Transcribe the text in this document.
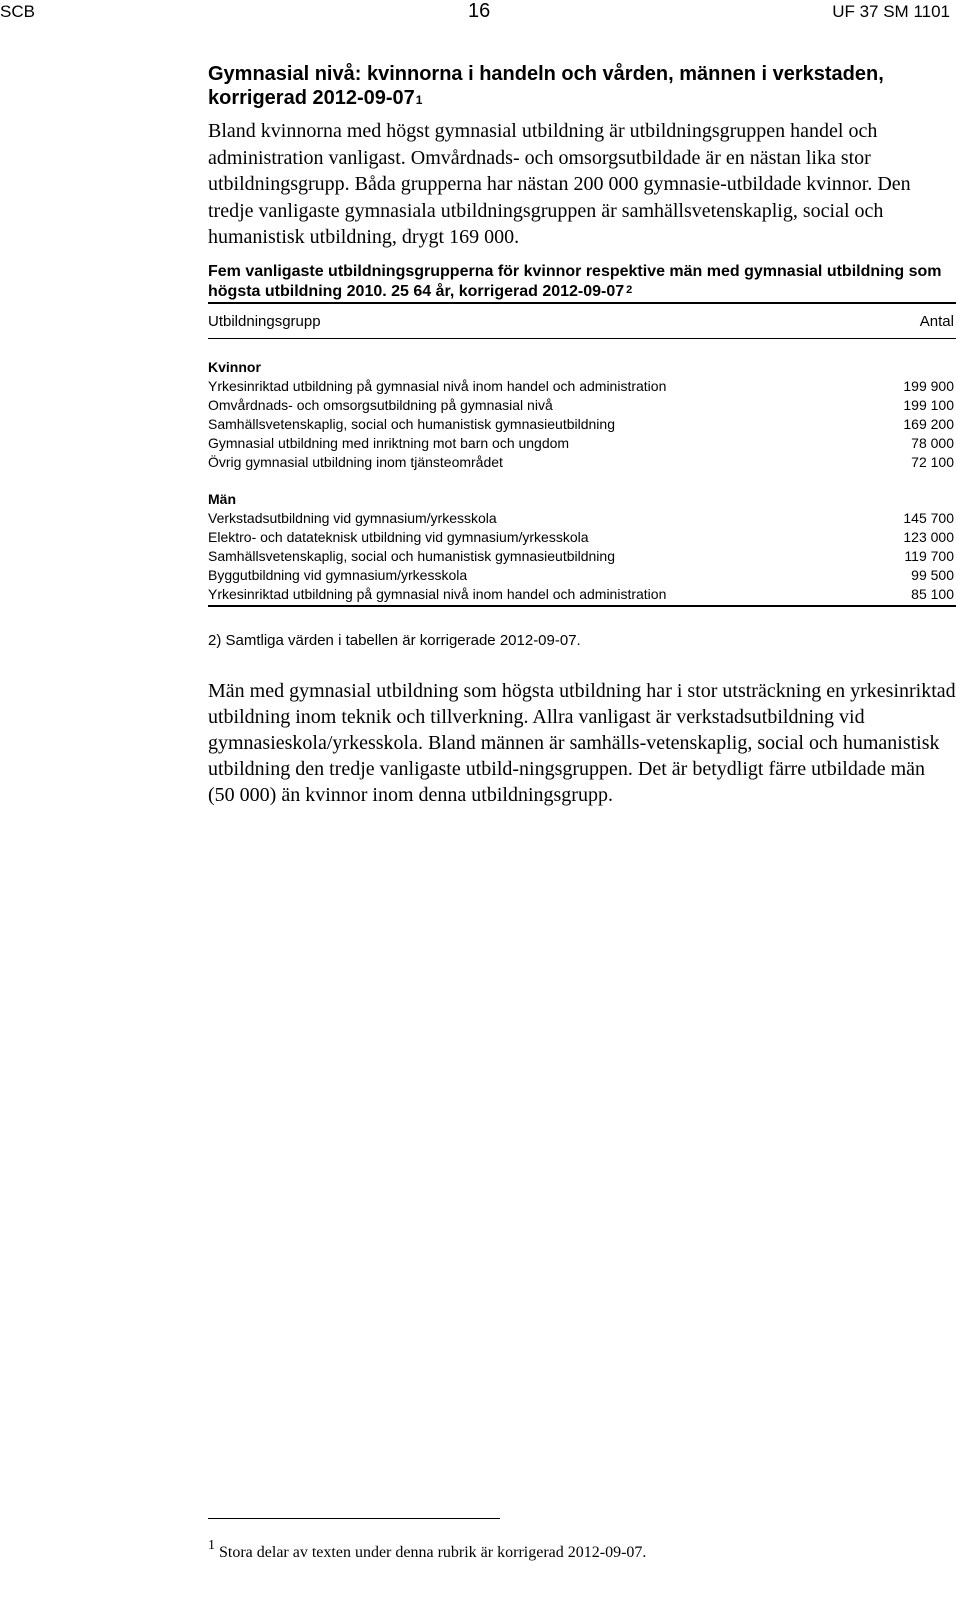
SCB	16	UF 37 SM 1101
Gymnasial nivå: kvinnorna i handeln och vården, männen i verkstaden, korrigerad $2012-09-07^1$

Bland kvinnorna med högst gymnasial utbildning är utbildningsgruppen handel och administration vanligast. Omvårdnads- och omsorgsutbildade är en nästan lika stor utbildningsgrupp. Båda grupperna har nästan 200 000 gymnasie-utbildade kvinnor. Den tredje vanligaste gymnasiala utbildningsgruppen är samhällsvetenskaplig, social och humanistisk utbildning, drygt 169 000.

Fem vanligaste utbildningsgrupperna för kvinnor respektive män med gymnasial utbildning som högsta utbildning 2010. 25 64 år, korrigerad 2012-09-07 $^2$

Utbildningsgrupp	Antal
Kvinnor
Yrkesinriktad utbildning på gymnasial nivå inom handel och administration	199 900
Omvårdnads- och omsorgsutbildning på gymnasial nivå	199 100
Samhällsvetenskaplig, social och humanistisk gymnasieutbildning	169 200
Gymnasial utbildning med inriktning mot barn och ungdom	78 000
Övrig gymnasial utbildning inom tjänsteområdet	72 100
Män
Verkstadsutbildning vid gymnasium/yrkesskola	145 700
Elektro- och datateknisk utbildning vid gymnasium/yrkesskola	123 000
Samhällsvetenskaplig, social och humanistisk gymnasieutbildning	119 700
Byggutbildning vid gymnasium/yrkesskola	99 500
Yrkesinriktad utbildning på gymnasial nivå inom handel och administration	85 100

2) Samtliga värden i tabellen är korrigerade 2012-09-07.

Män med gymnasial utbildning som högsta utbildning har i stor utsträckning en yrkesinriktad utbildning inom teknik och tillverkning. Allra vanligast är verkstadsutbildning vid gymnasieskola/yrkesskola. Bland männen är samhälls-vetenskaplig, social och humanistisk utbildning den tredje vanligaste utbild-ningsgruppen. Det är betydligt färre utbildade män (50 000) än kvinnor inom denna utbildningsgrupp.

$^1$ Stora delar av texten under denna rubrik är korrigerad 2012-09-07.
